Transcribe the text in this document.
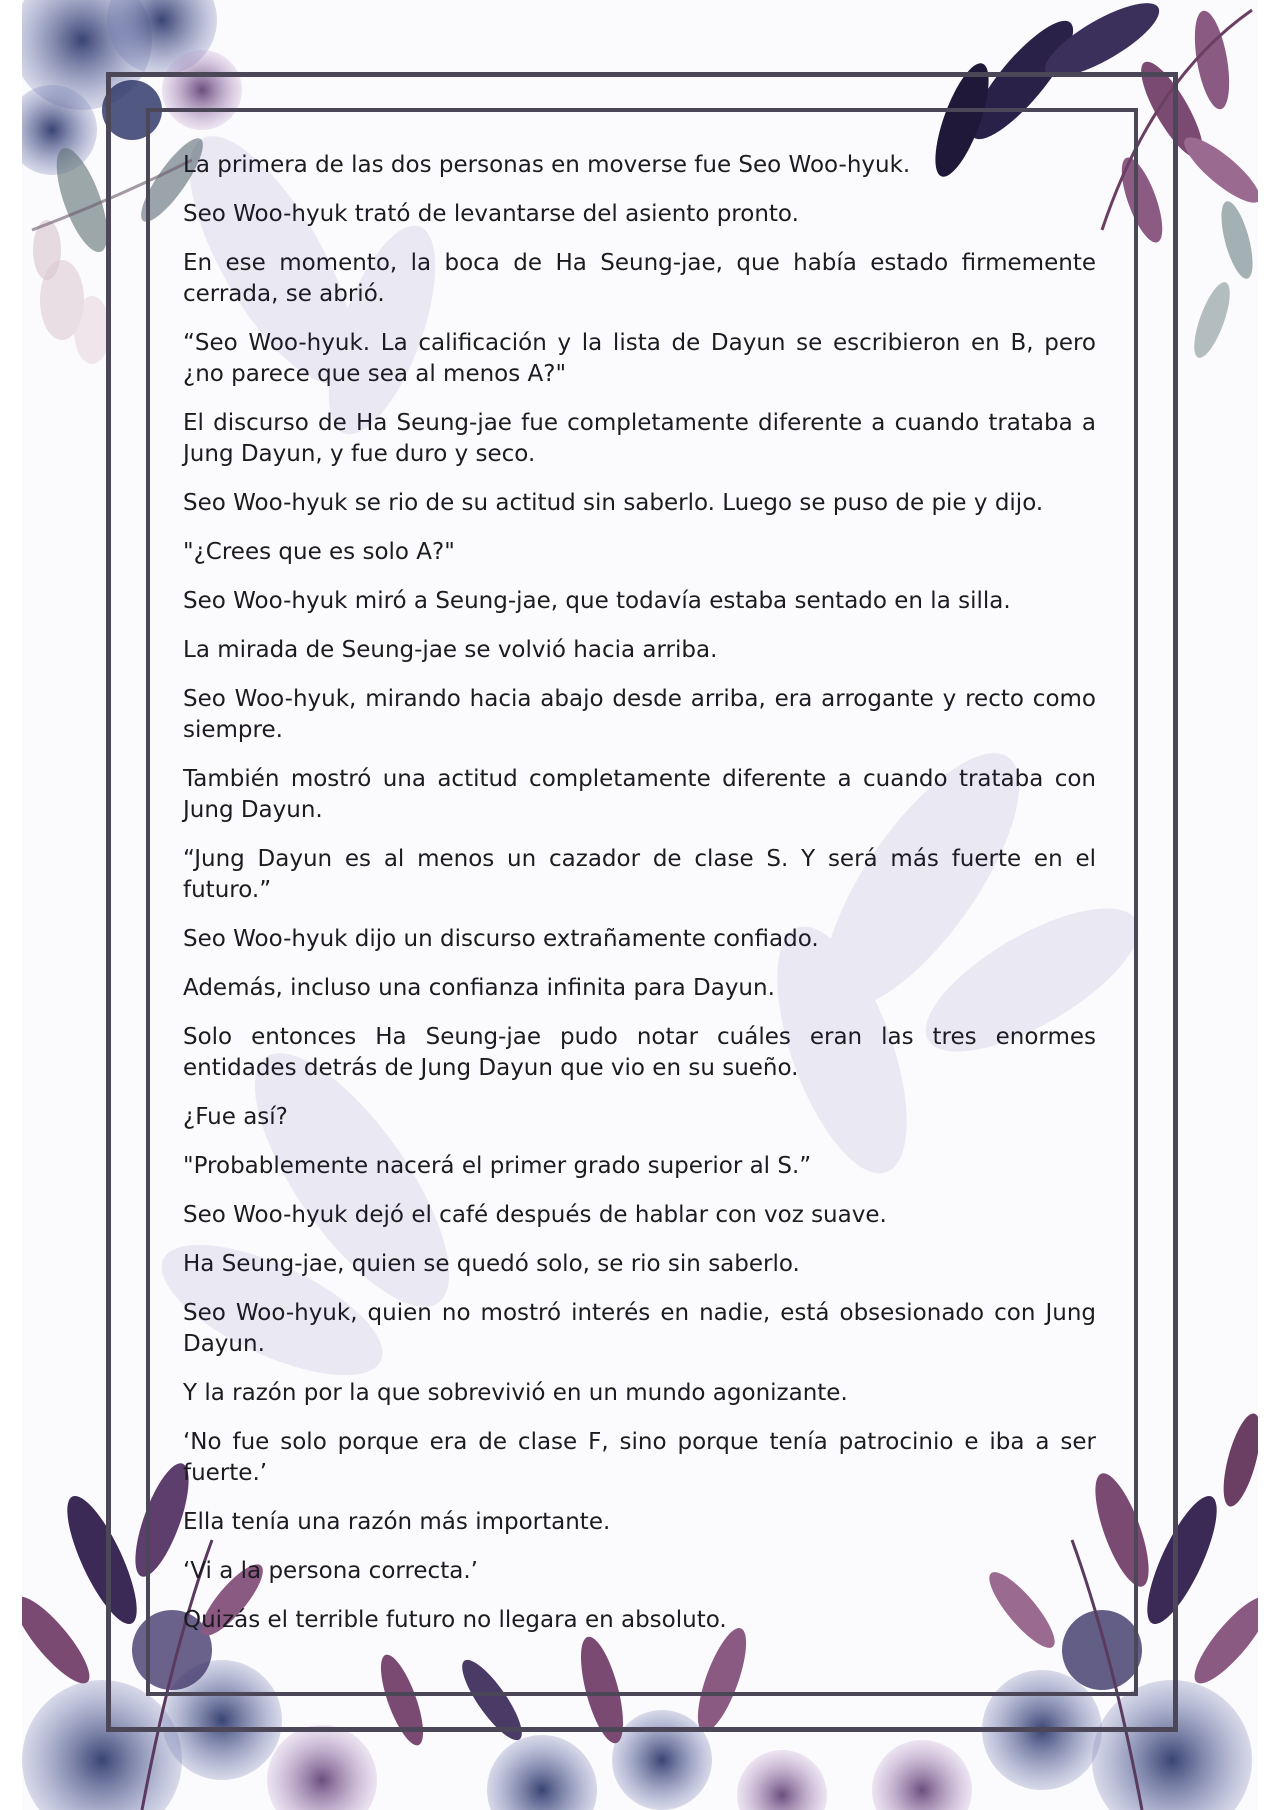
La primera de las dos personas en moverse fue Seo Woo-hyuk.

Seo Woo-hyuk trató de levantarse del asiento pronto.

En ese momento, la boca de Ha Seung-jae, que había estado firmemente cerrada, se abrió.

“Seo Woo-hyuk. La calificación y la lista de Dayun se escribieron en B, pero ¿no parece que sea al menos A?"

El discurso de Ha Seung-jae fue completamente diferente a cuando trataba a Jung Dayun, y fue duro y seco.

Seo Woo-hyuk se rio de su actitud sin saberlo. Luego se puso de pie y dijo.

"¿Crees que es solo A?"

Seo Woo-hyuk miró a Seung-jae, que todavía estaba sentado en la silla.

La mirada de Seung-jae se volvió hacia arriba.

Seo Woo-hyuk, mirando hacia abajo desde arriba, era arrogante y recto como siempre.

También mostró una actitud completamente diferente a cuando trataba con Jung Dayun.

“Jung Dayun es al menos un cazador de clase S. Y será más fuerte en el futuro.”

Seo Woo-hyuk dijo un discurso extrañamente confiado.

Además, incluso una confianza infinita para Dayun.

Solo entonces Ha Seung-jae pudo notar cuáles eran las tres enormes entidades detrás de Jung Dayun que vio en su sueño.

¿Fue así?

"Probablemente nacerá el primer grado superior al S.”

Seo Woo-hyuk dejó el café después de hablar con voz suave.

Ha Seung-jae, quien se quedó solo, se rio sin saberlo.

Seo Woo-hyuk, quien no mostró interés en nadie, está obsesionado con Jung Dayun.

Y la razón por la que sobrevivió en un mundo agonizante.

‘No fue solo porque era de clase F, sino porque tenía patrocinio e iba a ser fuerte.’

Ella tenía una razón más importante.

‘Vi a la persona correcta.’

Quizás el terrible futuro no llegara en absoluto.
